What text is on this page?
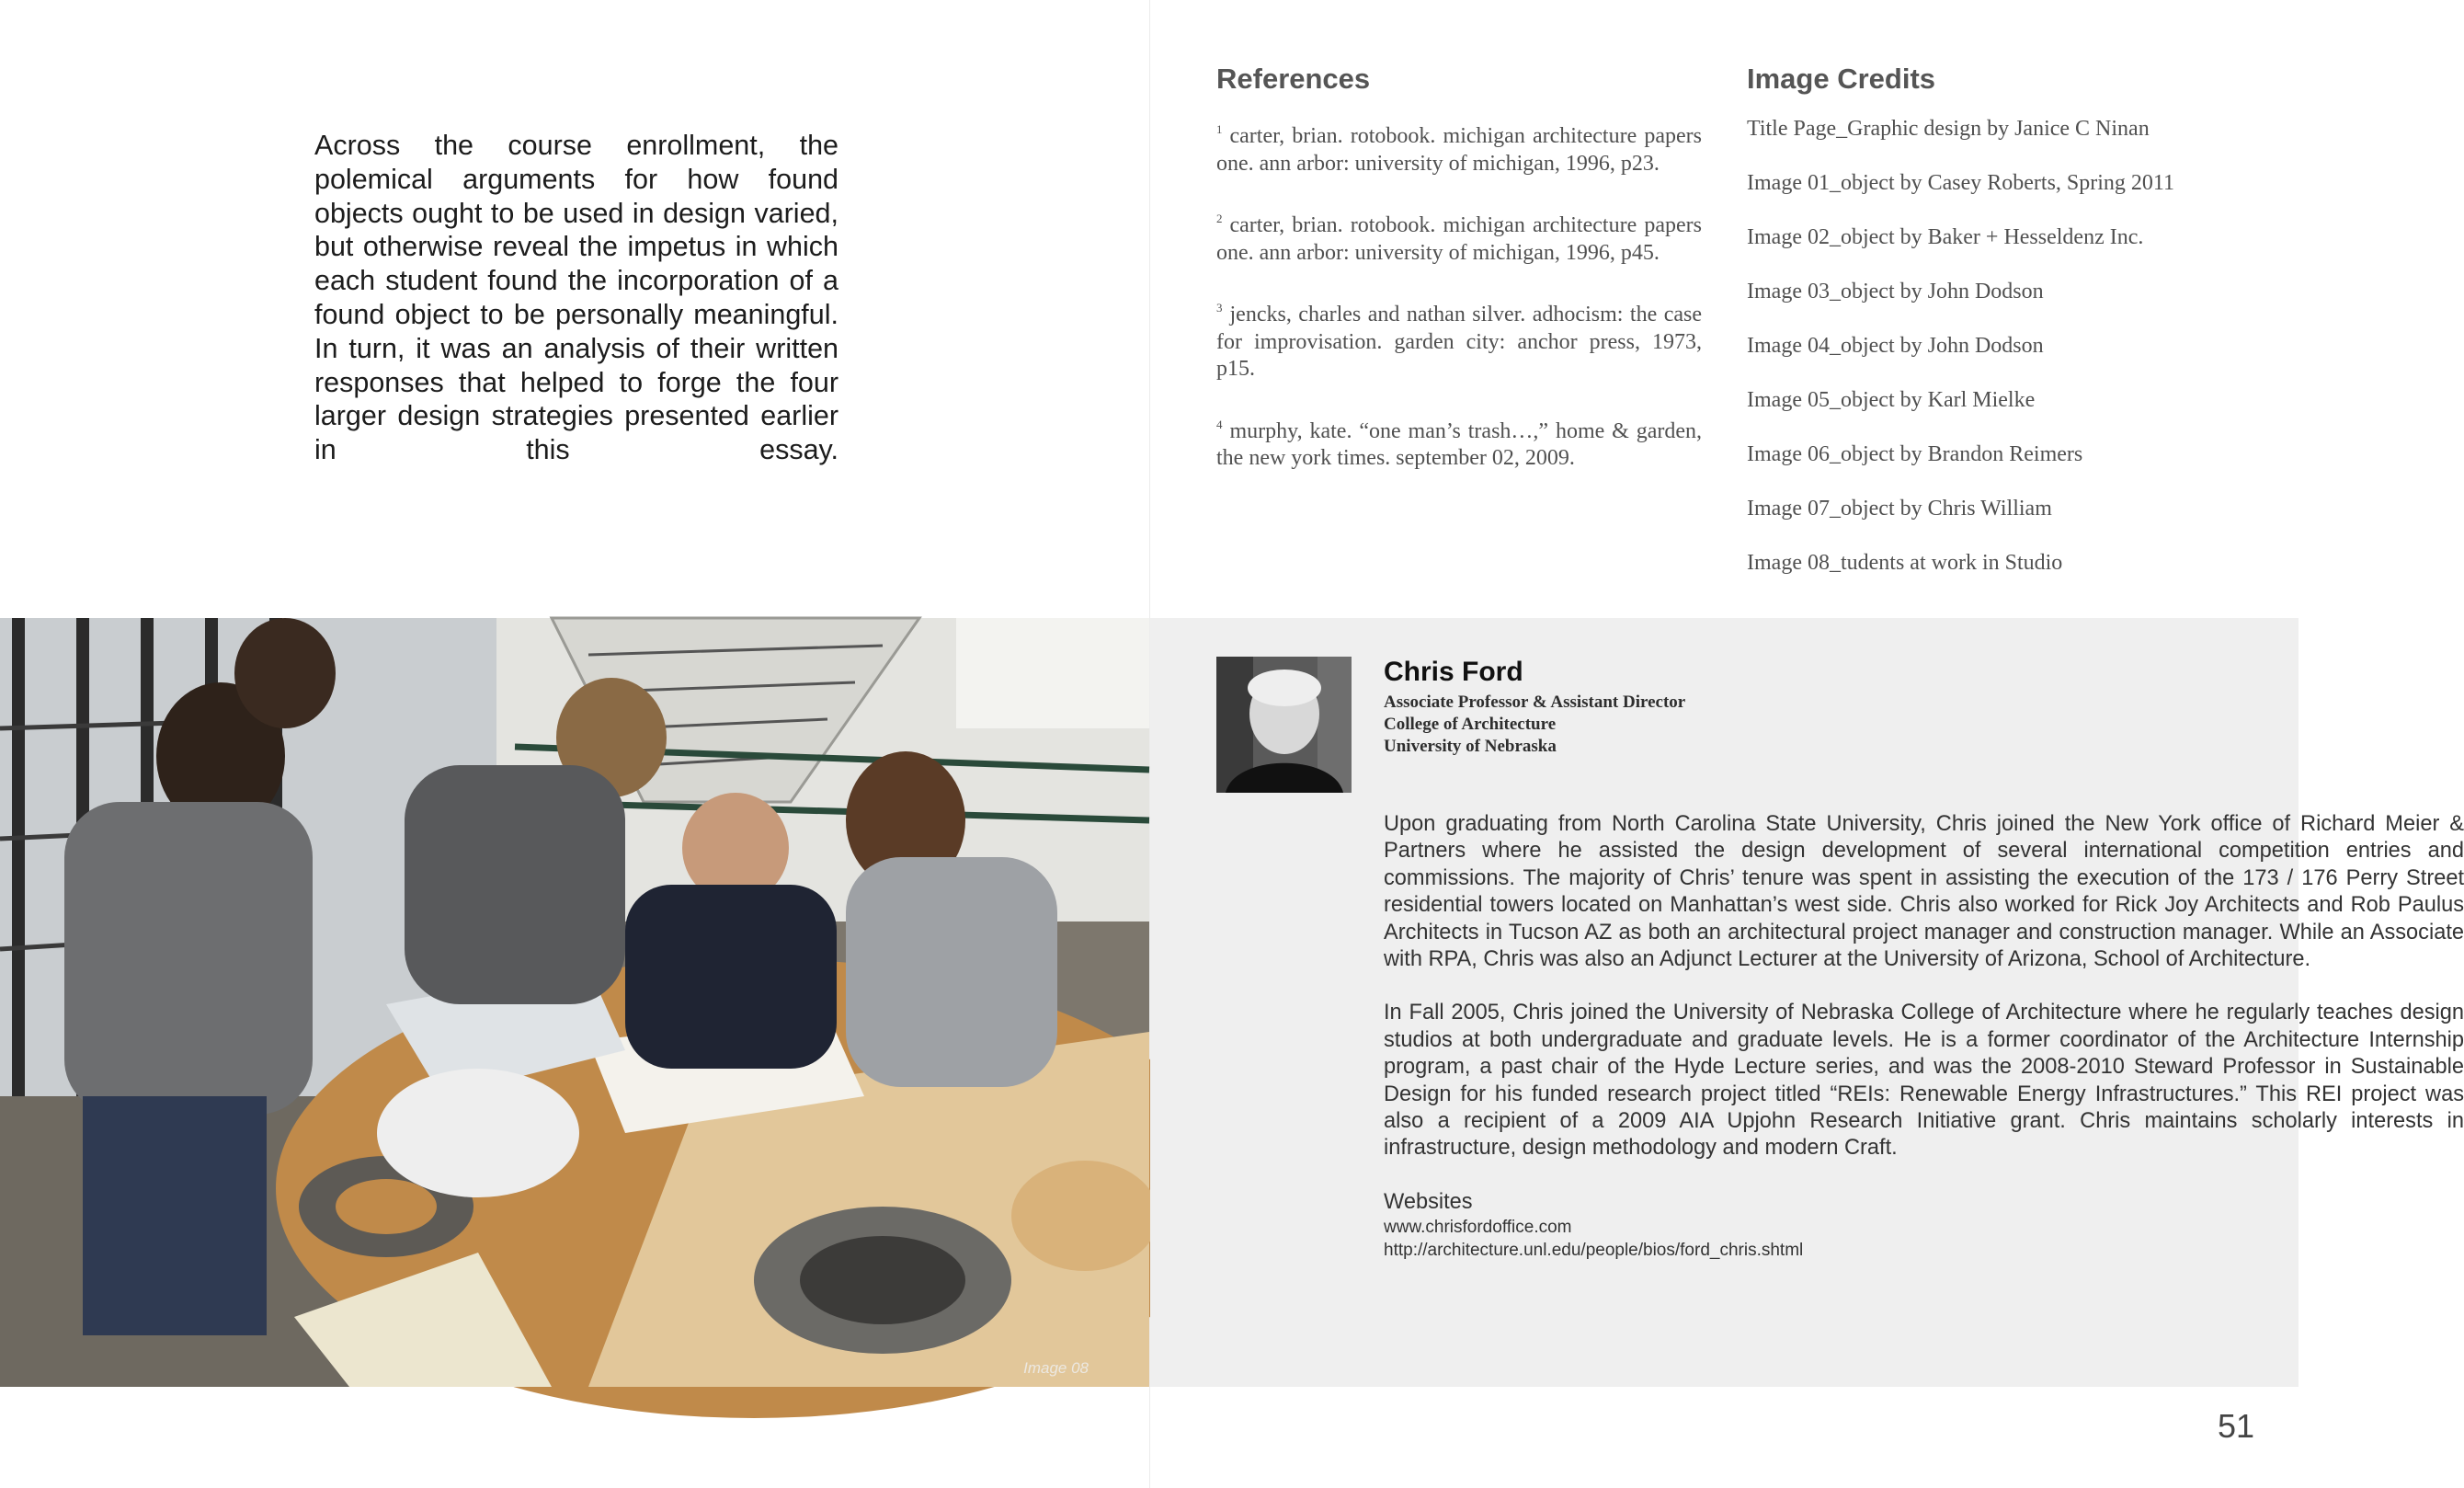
Across the course enrollment, the polemical arguments for how found objects ought to be used in design varied, but otherwise reveal the impetus in which each student found the incorporation of a found object to be personally meaningful. In turn, it was an analysis of their written responses that helped to forge the four larger design strategies presented earlier in this essay.

References
$^1$ carter, brian. rotobook. michigan architecture papers one. ann arbor: university of michigan, 1996, p23.
$^2$ carter, brian. rotobook. michigan architecture papers one. ann arbor: university of michigan, 1996, p45.
$^3$ jencks, charles and nathan silver. adhocism: the case for improvisation. garden city: anchor press, 1973, p15.
$^4$ murphy, kate. “one man’s trash…,” home & garden, the new york times. september 02, 2009.
Image Credits
Title Page_Graphic design by Janice C Ninan
Image 01_object by Casey Roberts, Spring 2011
Image 02_object by Baker + Hesseldenz Inc.
Image 03_object by John Dodson
Image 04_object by John Dodson
Image 05_object by Karl Mielke
Image 06_object by Brandon Reimers
Image 07_object by Chris William
Image 08_tudents at work in Studio
Image 08
Chris Ford
Associate Professor & Assistant Director
College of Architecture
University of Nebraska

Upon graduating from North Carolina State University, Chris joined the New York office of Richard Meier & Partners where he assisted the design development of several international competition entries and commissions. The majority of Chris’ tenure was spent in assisting the execution of the 173 / 176 Perry Street residential towers located on Manhattan’s west side. Chris also worked for Rick Joy Architects and Rob Paulus Architects in Tucson AZ as both an architectural project manager and construction manager. While an Associate with RPA, Chris was also an Adjunct Lecturer at the University of Arizona, School of Architecture.

In Fall 2005, Chris joined the University of Nebraska College of Architecture where he regularly teaches design studios at both undergraduate and graduate levels. He is a former coordinator of the Architecture Internship program, a past chair of the Hyde Lecture series, and was the 2008-2010 Steward Professor in Sustainable Design for his funded research project titled “REIs: Renewable Energy Infrastructures.” This REI project was also a recipient of a 2009 AIA Upjohn Research Initiative grant. Chris maintains scholarly interests in infrastructure, design methodology and modern Craft.

Websites
www.chrisfordoffice.com
http://architecture.unl.edu/people/bios/ford_chris.shtml
51
